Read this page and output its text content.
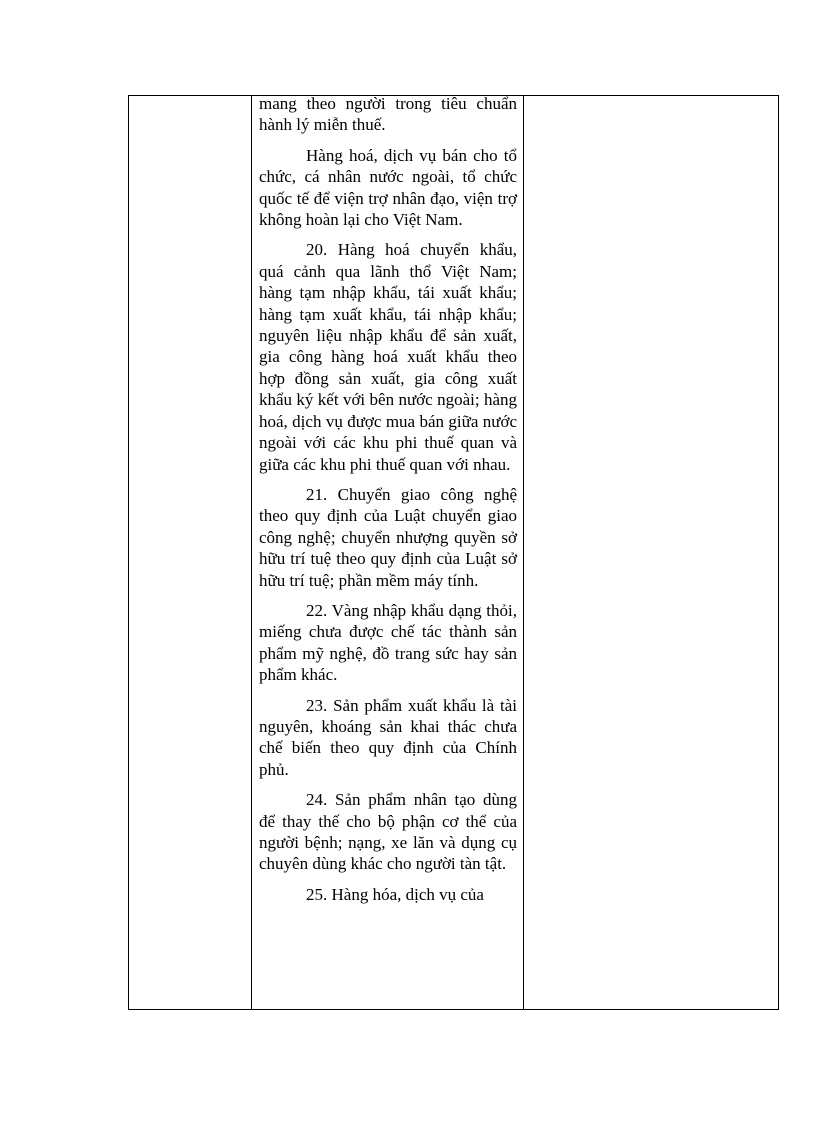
mang theo người trong tiêu chuẩn hành lý miễn thuế.

Hàng hoá, dịch vụ bán cho tổ chức, cá nhân nước ngoài, tổ chức quốc tế để viện trợ nhân đạo, viện trợ không hoàn lại cho Việt Nam.

20. Hàng hoá chuyển khẩu, quá cảnh qua lãnh thổ Việt Nam; hàng tạm nhập khẩu, tái xuất khẩu; hàng tạm xuất khẩu, tái nhập khẩu; nguyên liệu nhập khẩu để sản xuất, gia công hàng hoá xuất khẩu theo hợp đồng sản xuất, gia công xuất khẩu ký kết với bên nước ngoài; hàng hoá, dịch vụ được mua bán giữa nước ngoài với các khu phi thuế quan và giữa các khu phi thuế quan với nhau.

21. Chuyển giao công nghệ theo quy định của Luật chuyển giao công nghệ; chuyển nhượng quyền sở hữu trí tuệ theo quy định của Luật sở hữu trí tuệ; phần mềm máy tính.

22. Vàng nhập khẩu dạng thỏi, miếng chưa được chế tác thành sản phẩm mỹ nghệ, đồ trang sức hay sản phẩm khác.

23. Sản phẩm xuất khẩu là tài nguyên, khoáng sản khai thác chưa chế biến theo quy định của Chính phủ.

24. Sản phẩm nhân tạo dùng để thay thế cho bộ phận cơ thể của người bệnh; nạng, xe lăn và dụng cụ chuyên dùng khác cho người tàn tật.

25. Hàng hóa, dịch vụ của
